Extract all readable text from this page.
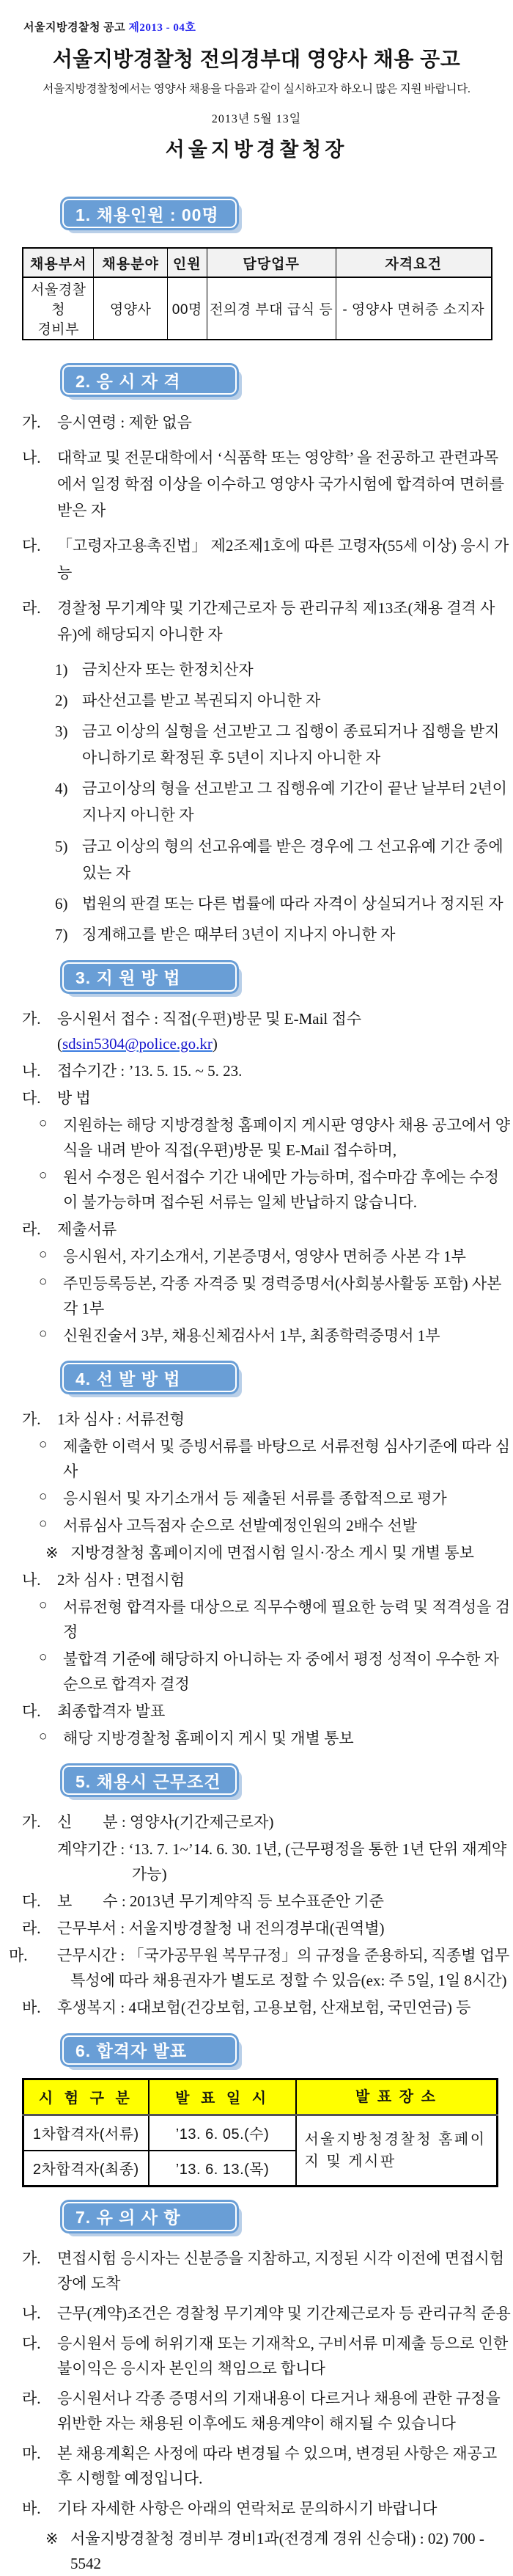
서울지방경찰청 공고 제2013 - 04호
서울지방경찰청 전의경부대 영양사 채용 공고
서울지방경찰청에서는 영양사 채용을 다음과 같이 실시하고자 하오니 많은 지원 바랍니다.
2013년 5월 13일
서울지방경찰청장
1. 채용인원 : 00명
채용부서	채용분야	인원	담당업무	자격요건

서울경찰청
경비부	영양사	00명	전의경 부대 급식 등	- 영양사 면허증 소지자
2. 응 시 자 격
가. 응시연령 : 제한 없음
나. 대학교 및 전문대학에서 ‘식품학 또는 영양학’ 을 전공하고 관련과목에서 일정 학점 이상을 이수하고 영양사 국가시험에 합격하여 면허를 받은 자
다. 「고령자고용촉진법」 제2조제1호에 따른 고령자(55세 이상) 응시 가능
라. 경찰청 무기계약 및 기간제근로자 등 관리규칙 제13조(채용 결격 사유)에 해당되지 아니한 자
1) 금치산자 또는 한정치산자
2) 파산선고를 받고 복권되지 아니한 자
3) 금고 이상의 실형을 선고받고 그 집행이 종료되거나 집행을 받지 아니하기로 확정된 후 5년이 지나지 아니한 자
4) 금고이상의 형을 선고받고 그 집행유예 기간이 끝난 날부터 2년이 지나지 아니한 자
5) 금고 이상의 형의 선고유예를 받은 경우에 그 선고유예 기간 중에 있는 자
6) 법원의 판결 또는 다른 법률에 따라 자격이 상실되거나 정지된 자
7) 징계해고를 받은 때부터 3년이 지나지 아니한 자
3. 지 원 방 법
가. 응시원서 접수 : 직접(우편)방문 및 E-Mail 접수(sdsin5304@police.go.kr)
나. 접수기간 : ’13. 5. 15. ~ 5. 23.
다. 방 법
○ 지원하는 해당 지방경찰청 홈페이지 게시판 영양사 채용 공고에서 양식을 내려 받아 직접(우편)방문 및 E-Mail 접수하며,
○ 원서 수정은 원서접수 기간 내에만 가능하며, 접수마감 후에는 수정이 불가능하며 접수된 서류는 일체 반납하지 않습니다.
라. 제출서류
○ 응시원서, 자기소개서, 기본증명서, 영양사 면허증 사본 각 1부
○ 주민등록등본, 각종 자격증 및 경력증명서(사회봉사활동 포함) 사본 각 1부
○ 신원진술서 3부, 채용신체검사서 1부, 최종학력증명서 1부
4. 선 발 방 법
가. 1차 심사 : 서류전형
○ 제출한 이력서 및 증빙서류를 바탕으로 서류전형 심사기준에 따라 심사
○ 응시원서 및 자기소개서 등 제출된 서류를 종합적으로 평가
○ 서류심사 고득점자 순으로 선발예정인원의 2배수 선발
※ 지방경찰청 홈페이지에 면접시험 일시·장소 게시 및 개별 통보
나. 2차 심사 : 면접시험
○ 서류전형 합격자를 대상으로 직무수행에 필요한 능력 및 적격성을 검정
○ 불합격 기준에 해당하지 아니하는 자 중에서 평정 성적이 우수한 자 순으로 합격자 결정
다. 최종합격자 발표
○ 해당 지방경찰청 홈페이지 게시 및 개별 통보
5. 채용시 근무조건
가. 신　　분 : 영양사(기간제근로자)
계약기간 : ‘13. 7. 1~’14. 6. 30. 1년, (근무평정을 통한 1년 단위 재계약 가능)
다. 보　　수 : 2013년 무기계약직 등 보수표준안 기준
라. 근무부서 : 서울지방경찰청 내 전의경부대(권역별)
마. 근무시간 : 「국가공무원 복무규정」의 규정을 준용하되, 직종별 업무 특성에 따라 채용권자가 별도로 정할 수 있음(ex: 주 5일, 1일 8시간)
바. 후생복지 : 4대보험(건강보험, 고용보험, 산재보험, 국민연금) 등
6. 합격자 발표
시 험 구 분	발 표 일 시	발 표 장 소
1차합격자(서류)	’13. 6. 05.(수)	서울지방청경찰청 홈페이지 및 게시판
2차합격자(최종)	’13. 6. 13.(목)	
7. 유 의 사 항
가. 면접시험 응시자는 신분증을 지참하고, 지정된 시각 이전에 면접시험장에 도착
나. 근무(계약)조건은 경찰청 무기계약 및 기간제근로자 등 관리규칙 준용
다. 응시원서 등에 허위기재 또는 기재착오, 구비서류 미제출 등으로 인한 불이익은 응시자 본인의 책임으로 합니다
라. 응시원서나 각종 증명서의 기재내용이 다르거나 채용에 관한 규정을 위반한 자는 채용된 이후에도 채용계약이 해지될 수 있습니다
마. 본 채용계획은 사정에 따라 변경될 수 있으며, 변경된 사항은 재공고 후 시행할 예정입니다.
바. 기타 자세한 사항은 아래의 연락처로 문의하시기 바랍니다
※ 서울지방경찰청 경비부 경비1과(전경계 경위 신승대) : 02) 700 - 5542
